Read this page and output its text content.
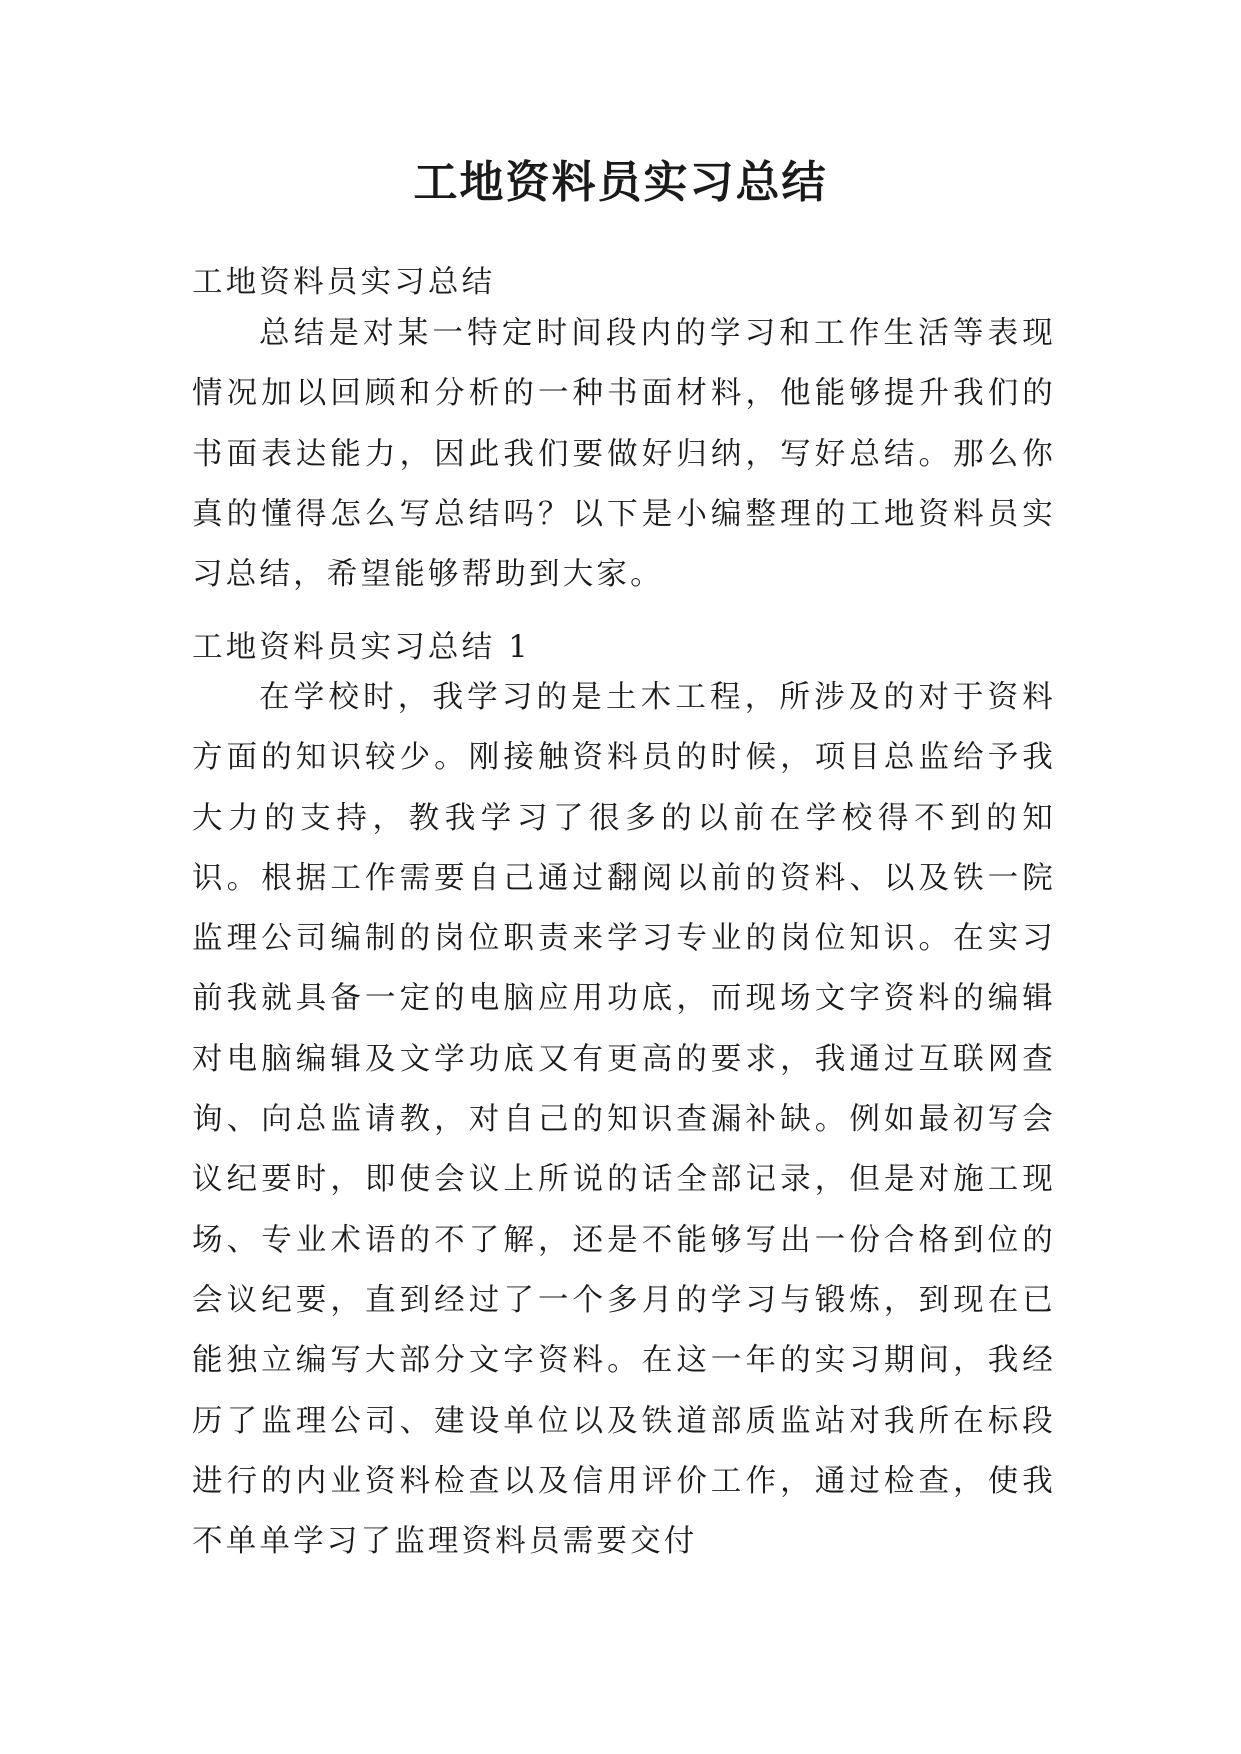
工地资料员实习总结

工地资料员实习总结

总结是对某一特定时间段内的学习和工作生活等表现情况加以回顾和分析的一种书面材料，他能够提升我们的书面表达能力，因此我们要做好归纳，写好总结。那么你真的懂得怎么写总结吗？以下是小编整理的工地资料员实习总结，希望能够帮助到大家。

工地资料员实习总结 1

在学校时，我学习的是土木工程，所涉及的对于资料方面的知识较少。刚接触资料员的时候，项目总监给予我大力的支持，教我学习了很多的以前在学校得不到的知识。根据工作需要自己通过翻阅以前的资料、以及铁一院监理公司编制的岗位职责来学习专业的岗位知识。在实习前我就具备一定的电脑应用功底，而现场文字资料的编辑对电脑编辑及文学功底又有更高的要求，我通过互联网查询、向总监请教，对自己的知识查漏补缺。例如最初写会议纪要时，即使会议上所说的话全部记录，但是对施工现场、专业术语的不了解，还是不能够写出一份合格到位的会议纪要，直到经过了一个多月的学习与锻炼，到现在已能独立编写大部分文字资料。在这一年的实习期间，我经历了监理公司、建设单位以及铁道部质监站对我所在标段进行的内业资料检查以及信用评价工作，通过检查，使我不单单学习了监理资料员需要交付
